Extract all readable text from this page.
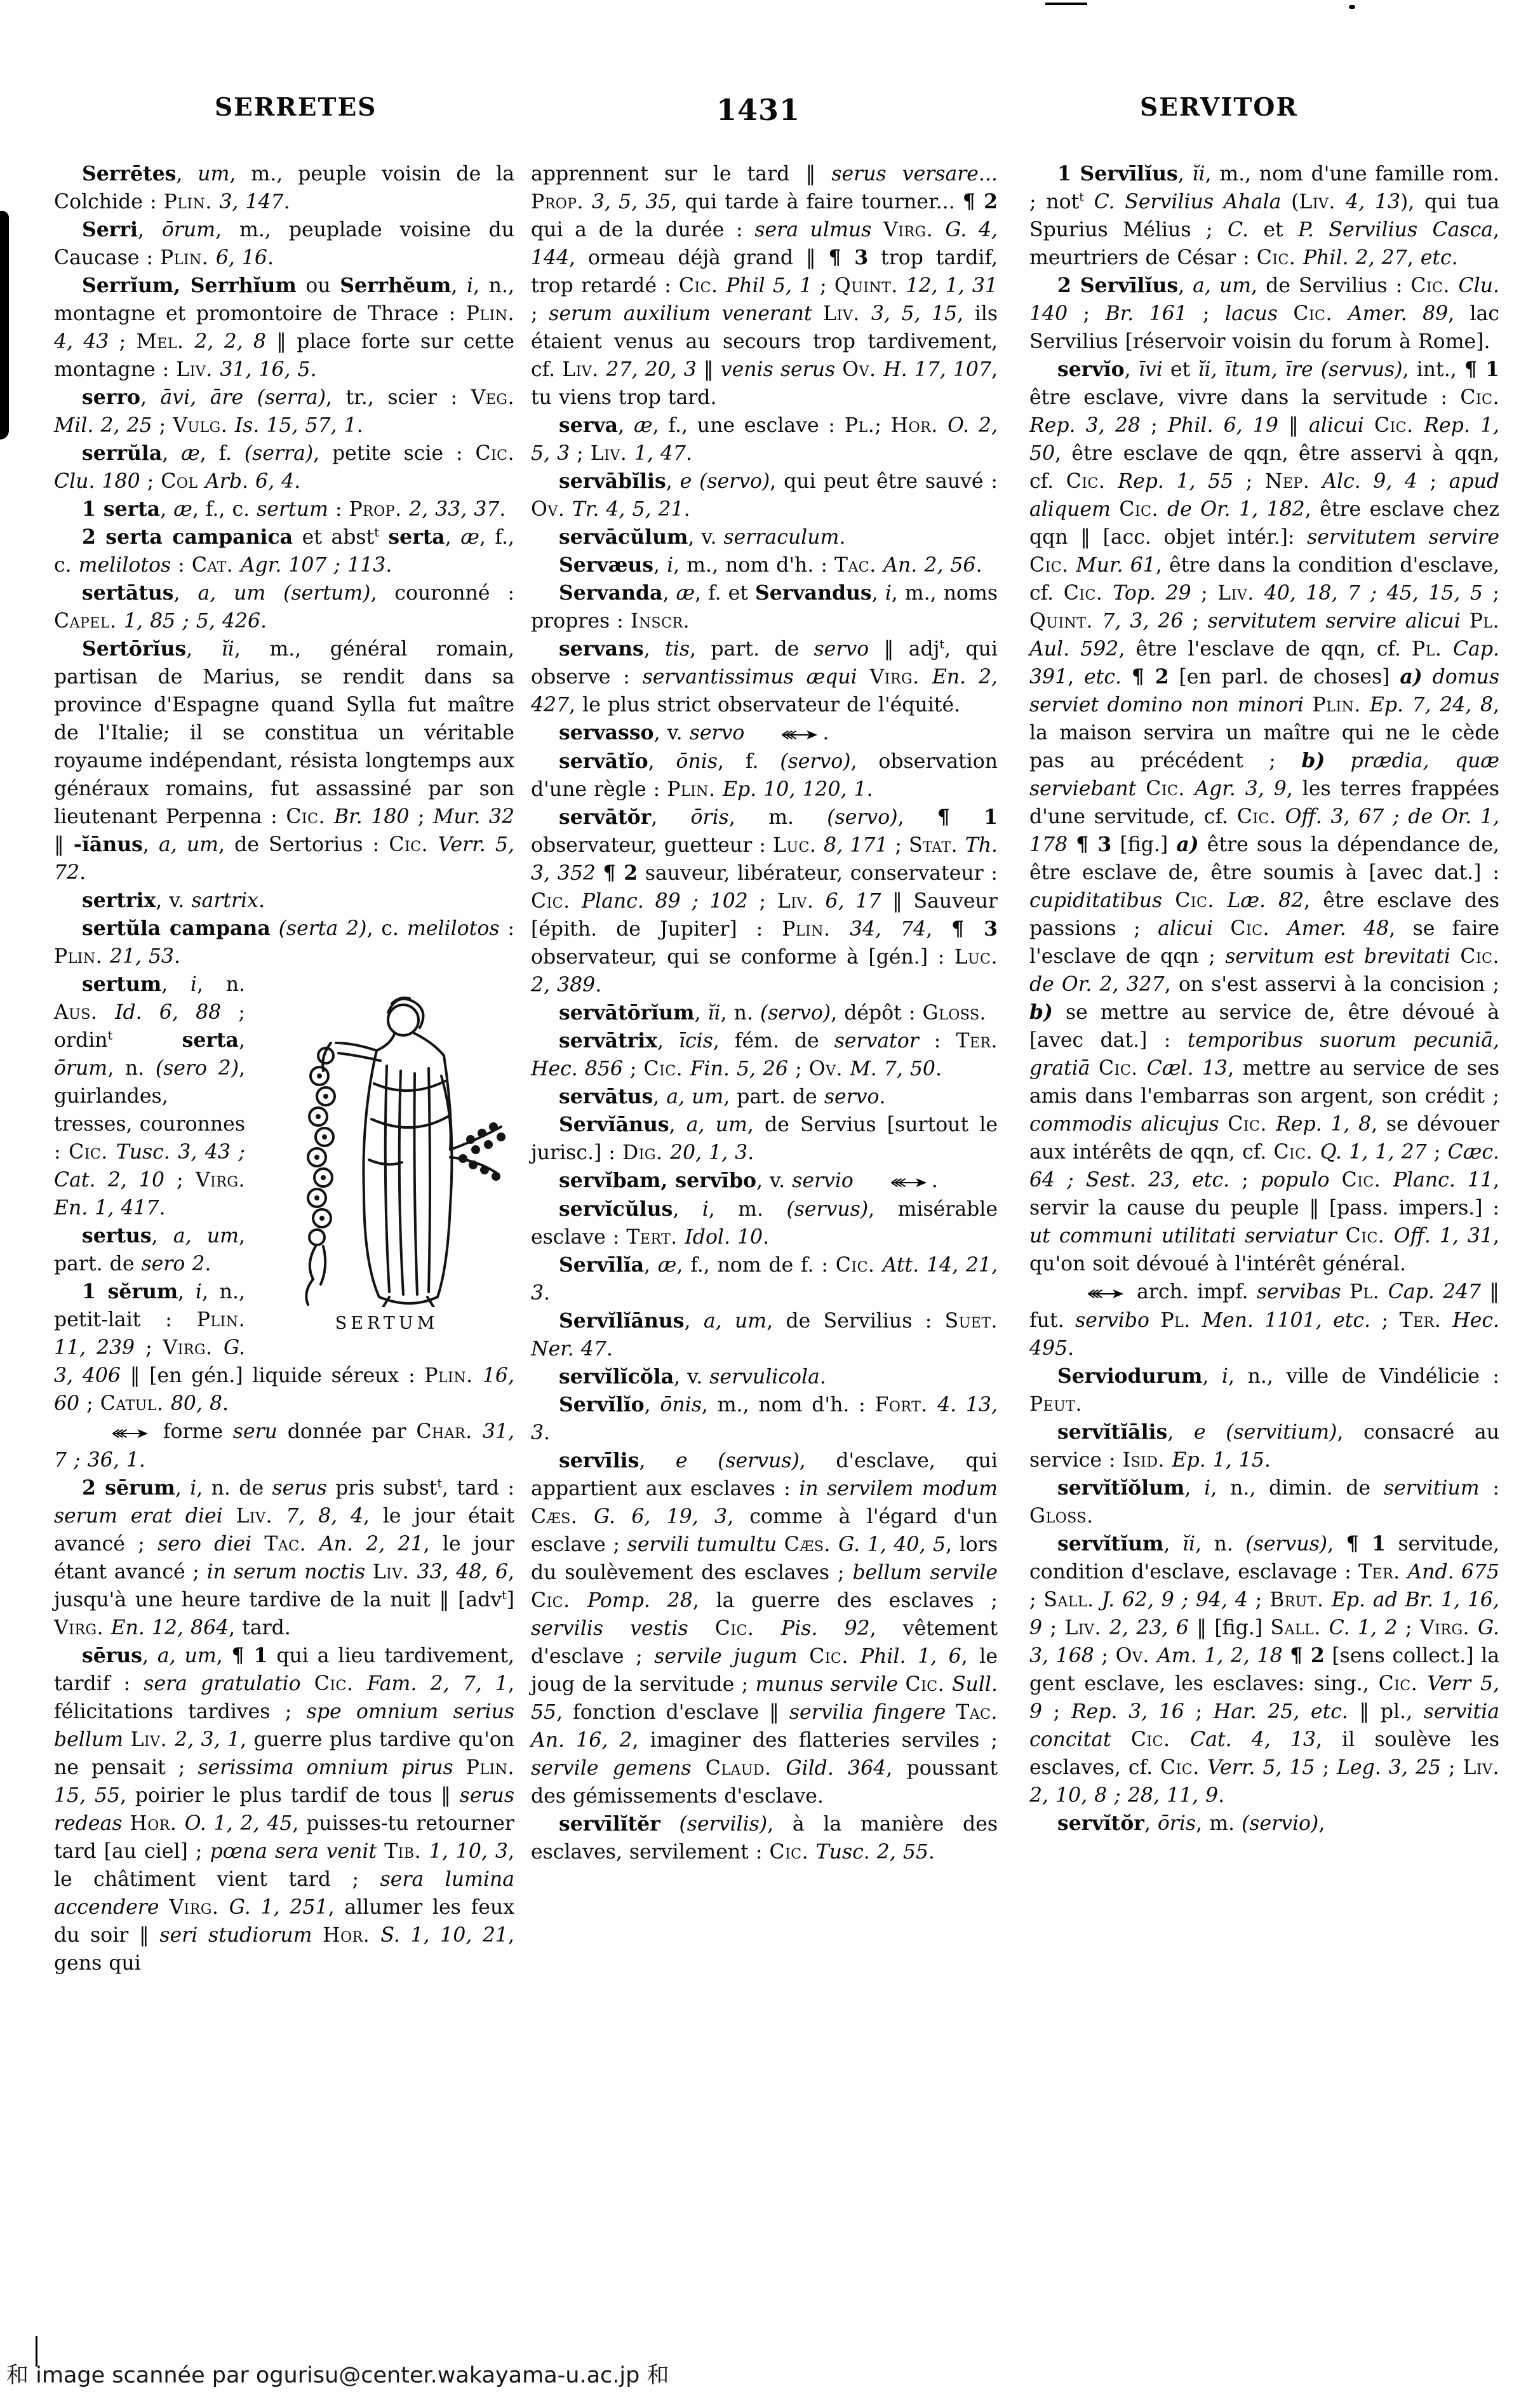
SERRETES	1431	SERVITOR

Serrētes, um, m., peuple voisin de la Colchide : Plin. 3, 147.

Serri, ōrum, m., peuplade voisine du Caucase : Plin. 6, 16.

Serrĭum, Serrhĭum ou Serrhĕum, i, n., montagne et promontoire de Thrace : Plin. 4, 43 ; Mel. 2, 2, 8 ‖ place forte sur cette montagne : Liv. 31, 16, 5.

serro, āvi, āre (serra), tr., scier : Veg. Mil. 2, 25 ; Vulg. Is. 15, 57, 1.

serrŭla, æ, f. (serra), petite scie : Cic. Clu. 180 ; Col Arb. 6, 4.

1 serta, æ, f., c. sertum : Prop. 2, 33, 37.

2 serta campanica et abst$^t$ serta, æ, f., c. melilotos : Cat. Agr. 107 ; 113.

sertātus, a, um (sertum), couronné : Capel. 1, 85 ; 5, 426.

Sertōrĭus, ĭi, m., général romain, partisan de Marius, se rendit dans sa province d'Espagne quand Sylla fut maître de l'Italie; il se constitua un véritable royaume indépendant, résista longtemps aux généraux romains, fut assassiné par son lieutenant Perpenna : Cic. Br. 180 ; Mur. 32 ‖ -ĭānus, a, um, de Sertorius : Cic. Verr. 5, 72.

sertrix, v. sartrix.

sertŭla campana (serta 2), c. melilotos : Plin. 21, 53.

SERTUM
sertum, i, n. Aus. Id. 6, 88 ; ordin$^t$	serta, ōrum, n. (sero 2), guirlandes, tresses, couronnes : Cic. Tusc. 3, 43 ; Cat. 2, 10 ; Virg. En. 1, 417.

sertus, a, um, part. de sero 2.

1 sĕrum, i, n., petit-lait : Plin. 11, 239 ; Virg. G. 3, 406 ‖ [en gén.] liquide séreux : Plin. 16, 60 ; Catul. 80, 8.

forme seru donnée par Char. 31, 7 ; 36, 1.

2 sērum, i, n. de serus pris subst$^t$, tard : serum erat diei Liv. 7, 8, 4, le jour était avancé ; sero diei Tac. An. 2, 21, le jour étant avancé ; in serum noctis Liv. 33, 48, 6, jusqu'à une heure tardive de la nuit ‖ [adv$^t$] Virg. En. 12, 864, tard.

sērus, a, um, ¶ 1 qui a lieu tardivement, tardif : sera gratulatio Cic. Fam. 2, 7, 1, félicitations tardives ; spe omnium serius bellum Liv. 2, 3, 1, guerre plus tardive qu'on ne pensait ; serissima omnium pirus Plin. 15, 55, poirier le plus tardif de tous ‖ serus redeas Hor. O. 1, 2, 45, puisses-tu retourner tard [au ciel] ; pœna sera venit Tib. 1, 10, 3, le châtiment vient tard ; sera lumina accendere Virg. G. 1, 251, allumer les feux du soir ‖ seri studiorum Hor. S. 1, 10, 21, gens qui

apprennent sur le tard ‖ serus versare... Prop. 3, 5, 35, qui tarde à faire tourner... ¶ 2 qui a de la durée : sera ulmus Virg. G. 4, 144, ormeau déjà grand ‖ ¶ 3 trop tardif, trop retardé : Cic. Phil 5, 1 ; Quint. 12, 1, 31 ; serum auxilium venerant Liv. 3, 5, 15, ils étaient venus au secours trop tardivement, cf. Liv. 27, 20, 3 ‖ venis serus Ov. H. 17, 107, tu viens trop tard.

serva, æ, f., une esclave : Pl.; Hor. O. 2, 5, 3 ; Liv. 1, 47.

servābĭlis, e (servo), qui peut être sauvé : Ov. Tr. 4, 5, 21.

servācŭlum, v. serraculum.

Servæus, i, m., nom d'h. : Tac. An. 2, 56.

Servanda, æ, f. et Servandus, i, m., noms propres : Inscr.

servans, tis, part. de servo ‖ adj$^t$, qui observe : servantissimus æqui Virg. En. 2, 427, le plus strict observateur de l'équité.

servasso, v. servo	.

servātĭo, ōnis, f. (servo), observation d'une règle : Plin. Ep. 10, 120, 1.

servātŏr, ōris, m. (servo), ¶ 1 observateur, guetteur : Luc. 8, 171 ; Stat. Th. 3, 352 ¶ 2 sauveur, libérateur, conservateur : Cic. Planc. 89 ; 102 ; Liv. 6, 17 ‖ Sauveur [épith. de Jupiter] : Plin. 34, 74, ¶ 3 observateur, qui se conforme à [gén.] : Luc. 2, 389.

servātōrĭum, ĭi, n. (servo), dépôt : Gloss.

servātrix, īcis, fém. de servator : Ter. Hec. 856 ; Cic. Fin. 5, 26 ; Ov. M. 7, 50.

servātus, a, um, part. de servo.

Servĭānus, a, um, de Servius [surtout le jurisc.] : Dig. 20, 1, 3.

servĭbam, servībo, v. servio	.

servĭcŭlus, i, m. (servus), misérable esclave : Tert. Idol. 10.

Servīlĭa, æ, f., nom de f. : Cic. Att. 14, 21, 3.

Servĭlĭānus, a, um, de Servilius : Suet. Ner. 47.

servĭlĭcŏla, v. servulicola.

Servĭlĭo, ōnis, m., nom d'h. : Fort. 4. 13, 3.

servīlis, e (servus), d'esclave, qui appartient aux esclaves : in servilem modum Cæs. G. 6, 19, 3, comme à l'égard d'un esclave ; servili tumultu Cæs. G. 1, 40, 5, lors du soulèvement des esclaves ; bellum servile Cic. Pomp. 28, la guerre des esclaves ; servilis vestis Cic. Pis. 92, vêtement d'esclave ; servile jugum Cic. Phil. 1, 6, le joug de la servitude ; munus servile Cic. Sull. 55, fonction d'esclave ‖ servilia fingere Tac. An. 16, 2, imaginer des flatteries serviles ; servile gemens Claud. Gild. 364, poussant des gémissements d'esclave.

servīlĭtĕr (servilis), à la manière des esclaves, servilement : Cic. Tusc. 2, 55.

1 Servīlĭus, ĭi, m., nom d'une famille rom. ; not$^t$ C. Servilius Ahala (Liv. 4, 13), qui tua Spurius Mélius ; C. et P. Servilius Casca, meurtriers de César : Cic. Phil. 2, 27, etc.

2 Servīlĭus, a, um, de Servilius : Cic. Clu. 140 ; Br. 161 ; lacus Cic. Amer. 89, lac Servilius [réservoir voisin du forum à Rome].

servĭo, īvi et ĭi, ītum, īre (servus), int., ¶ 1 être esclave, vivre dans la servitude : Cic. Rep. 3, 28 ; Phil. 6, 19 ‖ alicui Cic. Rep. 1, 50, être esclave de qqn, être asservi à qqn, cf. Cic. Rep. 1, 55 ; Nep. Alc. 9, 4 ; apud aliquem Cic. de Or. 1, 182, être esclave chez qqn ‖ [acc. objet intér.]: servitutem servire Cic. Mur. 61, être dans la condition d'esclave, cf. Cic. Top. 29 ; Liv. 40, 18, 7 ; 45, 15, 5 ; Quint. 7, 3, 26 ; servitutem servire alicui Pl. Aul. 592, être l'esclave de qqn, cf. Pl. Cap. 391, etc. ¶ 2 [en parl. de choses] a) domus serviet domino non minori Plin. Ep. 7, 24, 8, la maison servira un maître qui ne le cède pas au précédent ; b) prædia, quæ serviebant Cic. Agr. 3, 9, les terres frappées d'une servitude, cf. Cic. Off. 3, 67 ; de Or. 1, 178 ¶ 3 [fig.] a) être sous la dépendance de, être esclave de, être soumis à [avec dat.] : cupiditatibus Cic. Læ. 82, être esclave des passions ; alicui Cic. Amer. 48, se faire l'esclave de qqn ; servitum est brevitati Cic. de Or. 2, 327, on s'est asservi à la concision ; b) se mettre au service de, être dévoué à [avec dat.] : temporibus suorum pecuniā, gratiā Cic. Cæl. 13, mettre au service de ses amis dans l'embarras son argent, son crédit ; commodis alicujus Cic. Rep. 1, 8, se dévouer aux intérêts de qqn, cf. Cic. Q. 1, 1, 27 ; Cæc. 64 ; Sest. 23, etc. ; populo Cic. Planc. 11, servir la cause du peuple ‖ [pass. impers.] : ut communi utilitati serviatur Cic. Off. 1, 31, qu'on soit dévoué à l'intérêt général.

arch. impf. servibas Pl. Cap. 247 ‖ fut. servibo Pl. Men. 1101, etc. ; Ter. Hec. 495.

Serviodurum, i, n., ville de Vindélicie : Peut.

servĭtĭālis, e (servitium), consacré au service : Isid. Ep. 1, 15.

servĭtĭŏlum, i, n., dimin. de servitium : Gloss.

servĭtĭum, ĭi, n. (servus), ¶ 1 servitude, condition d'esclave, esclavage : Ter. And. 675 ; Sall. J. 62, 9 ; 94, 4 ; Brut. Ep. ad Br. 1, 16, 9 ; Liv. 2, 23, 6 ‖ [fig.] Sall. C. 1, 2 ; Virg. G. 3, 168 ; Ov. Am. 1, 2, 18 ¶ 2 [sens collect.] la gent esclave, les esclaves: sing., Cic. Verr 5, 9 ; Rep. 3, 16 ; Har. 25, etc. ‖ pl., servitia concitat Cic. Cat. 4, 13, il soulève les esclaves, cf. Cic. Verr. 5, 15 ; Leg. 3, 25 ; Liv. 2, 10, 8 ; 28, 11, 9.

servĭtŏr, ōris, m. (servio),

和 image scannée par ogurisu@center.wakayama-u.ac.jp 和
